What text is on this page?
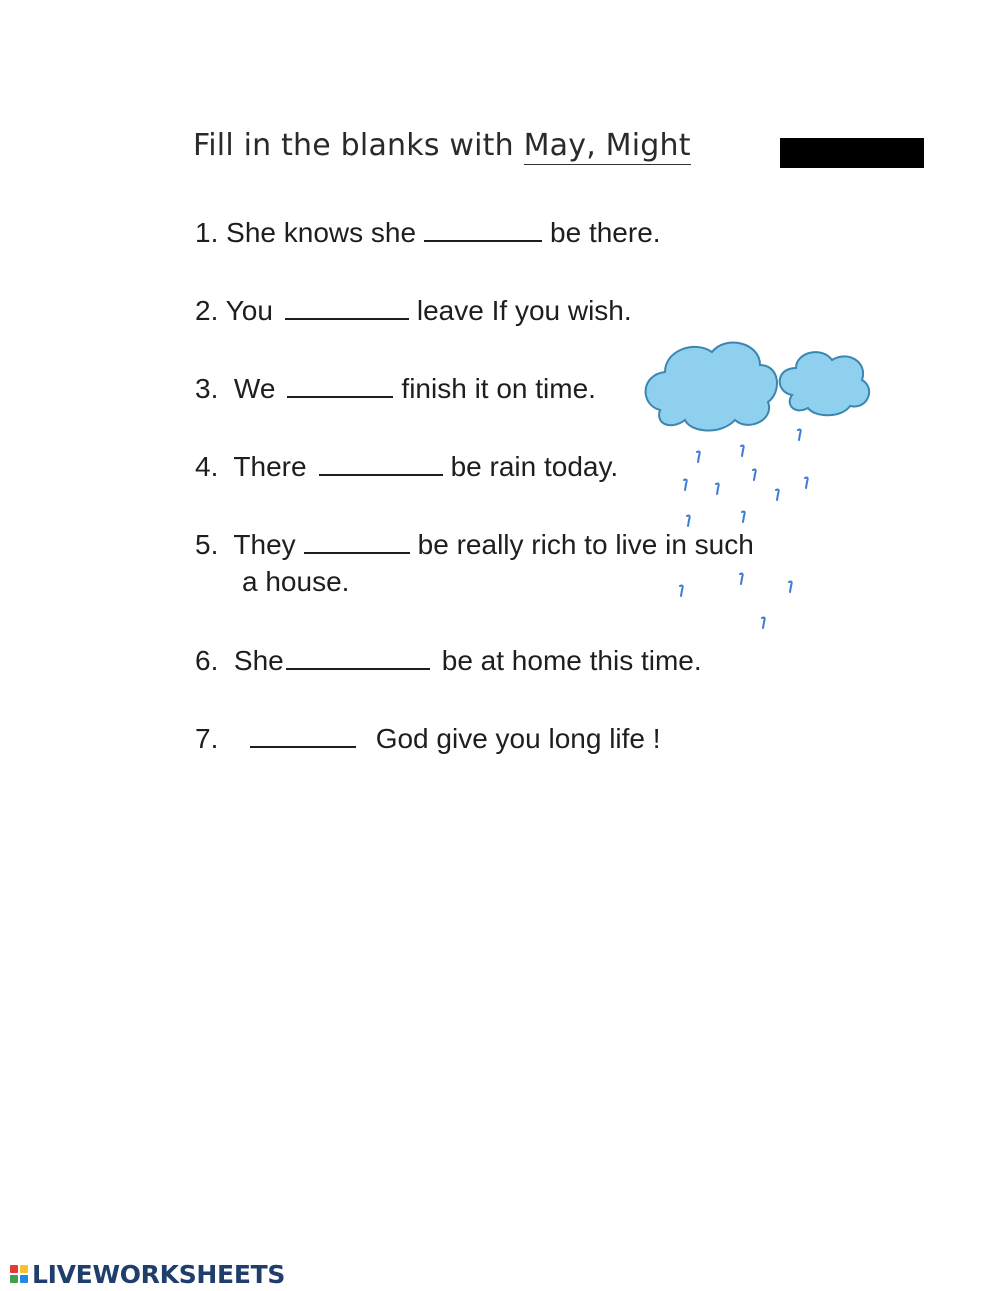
Fill in the blanks with May, Might
1. She knows she	be there.
2. You	leave If you wish.
3. We	finish it on time.
4. There	be rain today.
5. They	be really rich to live in such
a house.
6. She	be at home this time.
7.	God give you long life !
LIVEWORKSHEETS
